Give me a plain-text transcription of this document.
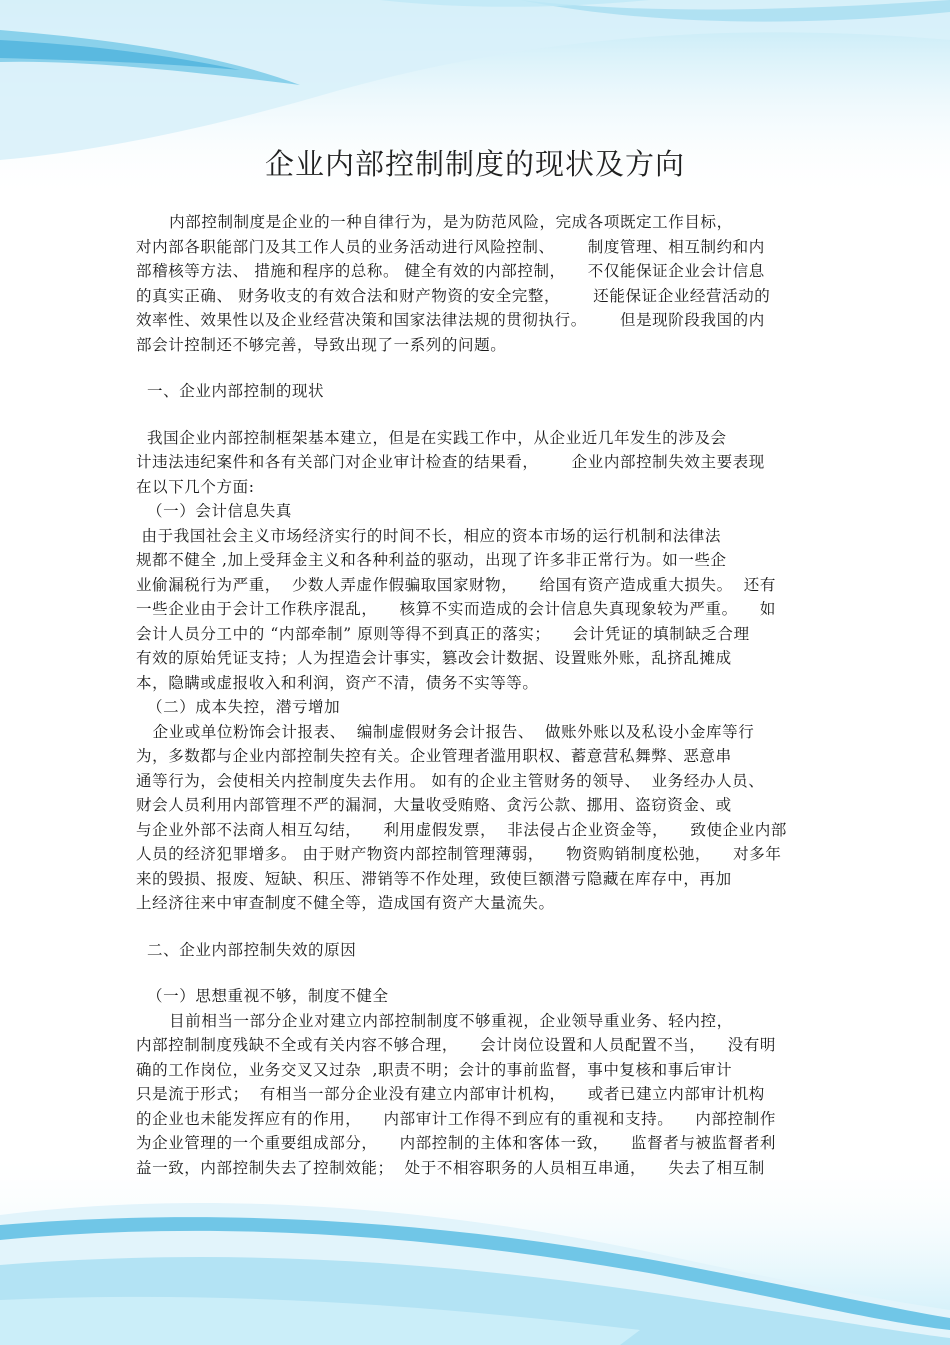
企业内部控制制度的现状及方向
内部控制制度是企业的一种自律行为，是为防范风险，完成各项既定工作目标，
对内部各职能部门及其工作人员的业务活动进行风险控制、      制度管理、相互制约和内
部稽核等方法、 措施和程序的总称。 健全有效的内部控制，    不仅能保证企业会计信息
的真实正确、 财务收支的有效合法和财产物资的安全完整，      还能保证企业经营活动的
效率性、效果性以及企业经营决策和国家法律法规的贯彻执行。      但是现阶段我国的内
部会计控制还不够完善，导致出现了一系列的问题。
一、企业内部控制的现状
我国企业内部控制框架基本建立，但是在实践工作中，从企业近几年发生的涉及会
计违法违纪案件和各有关部门对企业审计检查的结果看，      企业内部控制失效主要表现
在以下几个方面:
（一）会计信息失真
由于我国社会主义市场经济实行的时间不长，相应的资本市场的运行机制和法律法
规都不健全 ,加上受拜金主义和各种利益的驱动，出现了许多非正常行为。如一些企
业偷漏税行为严重，  少数人弄虚作假骗取国家财物，    给国有资产造成重大损失。  还有
一些企业由于会计工作秩序混乱，    核算不实而造成的会计信息失真现象较为严重。    如
会计人员分工中的 “内部牵制” 原则等得不到真正的落实；    会计凭证的填制缺乏合理
有效的原始凭证支持；人为捏造会计事实，篡改会计数据、设置账外账，乱挤乱摊成
本，隐瞒或虚报收入和利润，资产不清，债务不实等等。
（二）成本失控，潜亏增加
企业或单位粉饰会计报表、  编制虚假财务会计报告、  做账外账以及私设小金库等行
为，多数都与企业内部控制失控有关。企业管理者滥用职权、蓄意营私舞弊、恶意串
通等行为，会使相关内控制度失去作用。 如有的企业主管财务的领导、  业务经办人员、
财会人员利用内部管理不严的漏洞，大量收受贿赂、贪污公款、挪用、盗窃资金、或
与企业外部不法商人相互勾结，    利用虚假发票，  非法侵占企业资金等，    致使企业内部
人员的经济犯罪增多。 由于财产物资内部控制管理薄弱，    物资购销制度松弛，    对多年
来的毁损、报废、短缺、积压、滞销等不作处理，致使巨额潜亏隐藏在库存中，再加
上经济往来中审查制度不健全等，造成国有资产大量流失。
二、企业内部控制失效的原因
（一）思想重视不够，制度不健全
目前相当一部分企业对建立内部控制制度不够重视，企业领导重业务、轻内控，
内部控制制度残缺不全或有关内容不够合理，    会计岗位设置和人员配置不当，    没有明
确的工作岗位，业务交叉又过杂  ,职责不明；会计的事前监督，事中复核和事后审计
只是流于形式；  有相当一部分企业没有建立内部审计机构，    或者已建立内部审计机构
的企业也未能发挥应有的作用，    内部审计工作得不到应有的重视和支持。    内部控制作
为企业管理的一个重要组成部分，    内部控制的主体和客体一致，    监督者与被监督者利
益一致，内部控制失去了控制效能；  处于不相容职务的人员相互串通，    失去了相互制
